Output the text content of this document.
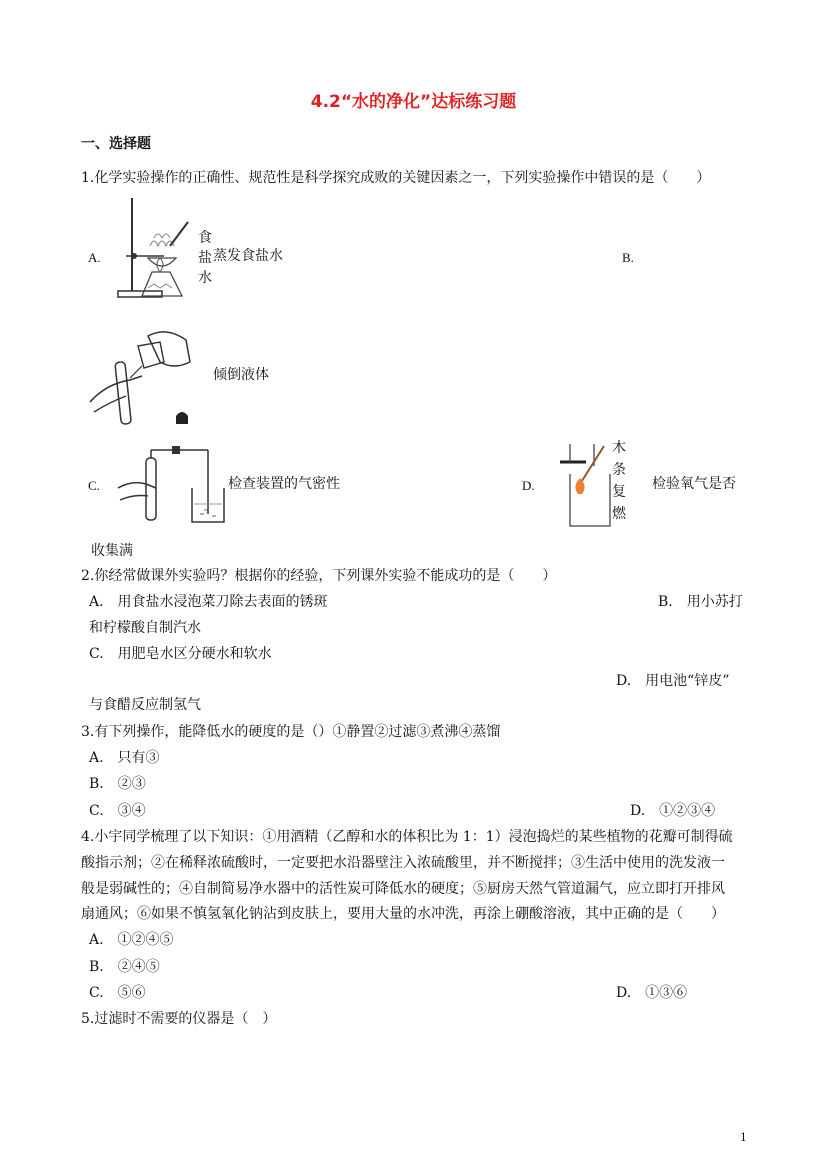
4.2“水的净化”达标练习题
一、选择题
1.化学实验操作的正确性、规范性是科学探究成败的关键因素之一，下列实验操作中错误的是（　　）
A.
食
盐
水
蒸发食盐水	B.
倾倒液体
C.	检查装置的气密性	D.
木
条
复
燃
检验氧气是否
收集满
2.你经常做课外实验吗？根据你的经验，下列课外实验不能成功的是（　　）
A.　用食盐水浸泡菜刀除去表面的锈斑	B.　用小苏打
和柠檬酸自制汽水
C.　用肥皂水区分硬水和软水
D.　用电池“锌皮”
与食醋反应制氢气
3.有下列操作，能降低水的硬度的是（）①静置②过滤③煮沸④蒸馏
A.　只有③
B.　②③
C.　③④	D.　①②③④
4.小宇同学梳理了以下知识：①用酒精（乙醇和水的体积比为 1：1）浸泡捣烂的某些植物的花瓣可制得硫
酸指示剂；②在稀释浓硫酸时，一定要把水沿器壁注入浓硫酸里，并不断搅拌；③生活中使用的洗发液一
般是弱碱性的；④自制简易净水器中的活性炭可降低水的硬度；⑤厨房天然气管道漏气，应立即打开排风
扇通风；⑥如果不慎氢氧化钠沾到皮肤上，要用大量的水冲洗，再涂上硼酸溶液，其中正确的是（　　）
A.　①②④⑤
B.　②④⑤
C.　⑤⑥	D.　①③⑥
5.过滤时不需要的仪器是（　）
1
